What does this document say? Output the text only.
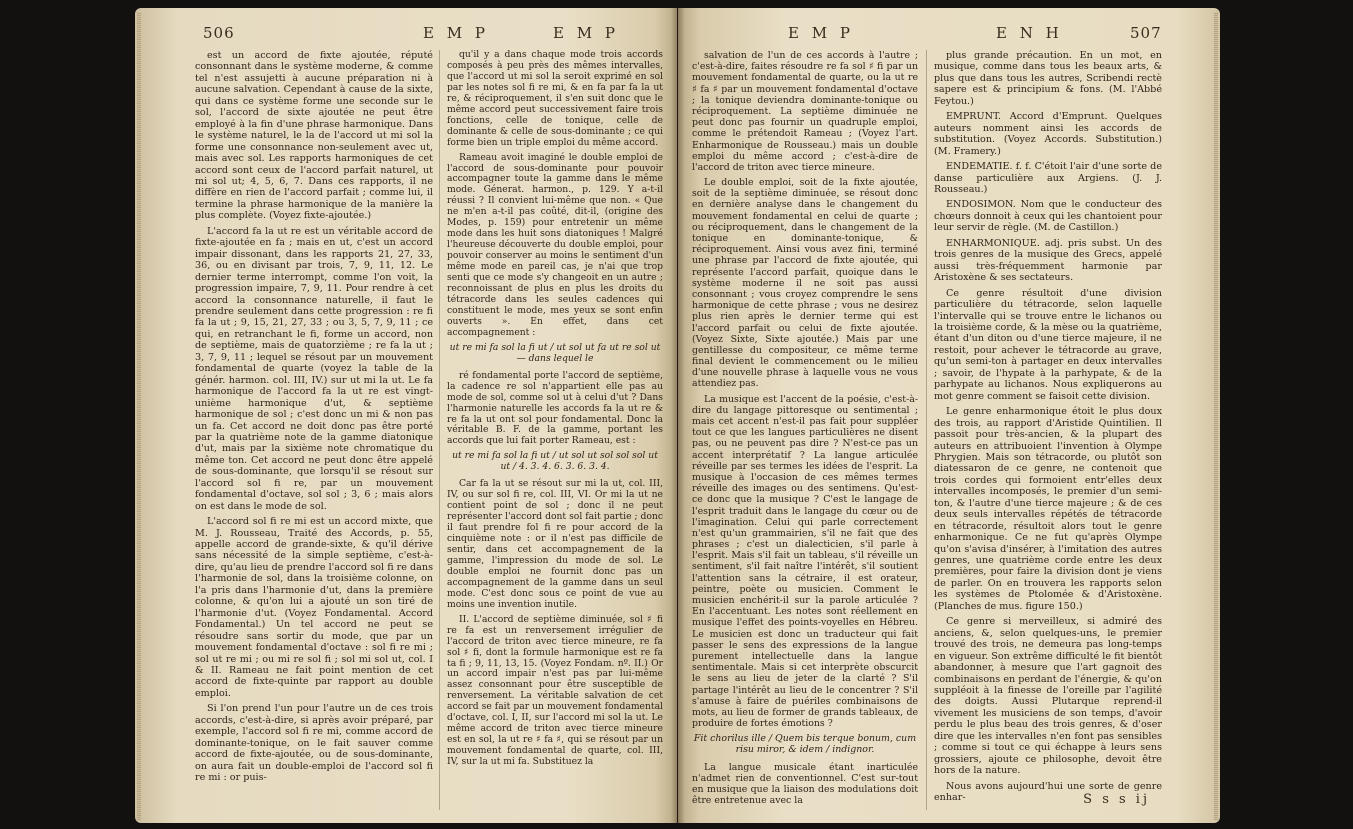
506	E M P	E M P

est un accord de fixte ajoutée, réputé consonnant dans le système moderne, & comme tel n'est assujetti à aucune préparation ni à aucune salvation. Cependant à cause de la sixte, qui dans ce système forme une seconde sur le sol, l'accord de sixte ajoutée ne peut être employé à la fin d'une phrase harmonique. Dans le système naturel, le la de l'accord ut mi sol la forme une consonnance non-seulement avec ut, mais avec sol. Les rapports harmoniques de cet accord sont ceux de l'accord parfait naturel, ut mi sol ut; 4, 5, 6, 7. Dans ces rapports, il ne diffère en rien de l'accord parfait ; comme lui, il termine la phrase harmonique de la manière la plus complète. (Voyez fixte-ajoutée.)

L'accord fa la ut re est un véritable accord de fixte-ajoutée en fa ; mais en ut, c'est un accord impair dissonant, dans les rapports 21, 27, 33, 36, ou en divisant par trois, 7, 9, 11, 12. Le dernier terme interrompt, comme l'on voit, la progression impaire, 7, 9, 11. Pour rendre à cet accord la consonnance naturelle, il faut le prendre seulement dans cette progression : re fi fa la ut ; 9, 15, 21, 27, 33 ; ou 3, 5, 7, 9, 11 ; ce qui, en retranchant le fi, forme un accord, non de septième, mais de quatorzième ; re fa la ut ; 3, 7, 9, 11 ; lequel se résout par un mouvement fondamental de quarte (voyez la table de la génér. harmon. col. III, IV.) sur ut mi la ut. Le fa harmonique de l'accord fa la ut re est vingt-unième harmonique d'ut, & septième harmonique de sol ; c'est donc un mi & non pas un fa. Cet accord ne doit donc pas être porté par la quatrième note de la gamme diatonique d'ut, mais par la sixième note chromatique du même ton. Cet accord ne peut donc être appelé de sous-dominante, que lorsqu'il se résout sur l'accord sol fi re, par un mouvement fondamental d'octave, sol sol ; 3, 6 ; mais alors on est dans le mode de sol.

L'accord sol fi re mi est un accord mixte, que M. J. Rousseau, Traité des Accords, p. 55, appelle accord de grande-sixte, & qu'il dérive sans nécessité de la simple septième, c'est-à-dire, qu'au lieu de prendre l'accord sol fi re dans l'harmonie de sol, dans la troisième colonne, on l'a pris dans l'harmonie d'ut, dans la première colonne, & qu'on lui a ajouté un son tiré de l'harmonie d'ut. (Voyez Fondamental. Accord Fondamental.) Un tel accord ne peut se résoudre sans sortir du mode, que par un mouvement fondamental d'octave : sol fi re mi ; sol ut re mi ; ou mi re sol fi ; sol mi sol ut, col. I & II. Rameau ne fait point mention de cet accord de fixte-quinte par rapport au double emploi.

Si l'on prend l'un pour l'autre un de ces trois accords, c'est-à-dire, si après avoir préparé, par exemple, l'accord sol fi re mi, comme accord de dominante-tonique, on le fait sauver comme accord de fixte-ajoutée, ou de sous-dominante, on aura fait un double-emploi de l'accord sol fi re mi : or puis-

qu'il y a dans chaque mode trois accords composés à peu près des mêmes intervalles, que l'accord ut mi sol la seroit exprimé en sol par les notes sol fi re mi, & en fa par fa la ut re, & réciproquement, il s'en suit donc que le même accord peut successivement faire trois fonctions, celle de tonique, celle de dominante & celle de sous-dominante ; ce qui forme bien un triple emploi du même accord.

Rameau avoit imaginé le double emploi de l'accord de sous-dominante pour pouvoir accompagner toute la gamme dans le même mode. Génerat. harmon., p. 129. Y a-t-il réussi ? Il convient lui-même que non. « Que ne m'en a-t-il pas coûté, dit-il, (origine des Modes, p. 159) pour entretenir un même mode dans les huit sons diatoniques ! Malgré l'heureuse découverte du double emploi, pour pouvoir conserver au moins le sentiment d'un même mode en pareil cas, je n'ai que trop senti que ce mode s'y changeoit en un autre ; reconnoissant de plus en plus les droits du tétracorde dans les seules cadences qui constituent le mode, mes yeux se sont enfin ouverts ». En effet, dans cet accompagnement :

ut re mi fa sol la fi ut / ut sol ut fa ut re sol ut — dans lequel le

ré fondamental porte l'accord de septième, la cadence re sol n'appartient elle pas au mode de sol, comme sol ut à celui d'ut ? Dans l'harmonie naturelle les accords fa la ut re & re fa la ut ont sol pour fondamental. Donc la véritable B. F. de la gamme, portant les accords que lui fait porter Rameau, est :

ut re mi fa sol la fi ut / ut sol ut sol sol sol ut ut / 4. 3. 4. 6. 3. 6. 3. 4.

Car fa la ut se résout sur mi la ut, col. III, IV, ou sur sol fi re, col. III, VI. Or mi la ut ne contient point de sol ; donc il ne peut représenter l'accord dont sol fait partie ; donc il faut prendre fol fi re pour accord de la cinquième note : or il n'est pas difficile de sentir, dans cet accompagnement de la gamme, l'impression du mode de sol. Le double emploi ne fournit donc pas un accompagnement de la gamme dans un seul mode. C'est donc sous ce point de vue au moins une invention inutile.

II. L'accord de septième diminuée, sol ♯ fi re fa est un renversement irrégulier de l'accord de triton avec tierce mineure, re fa sol ♯ fi, dont la formule harmonique est re fa ta fi ; 9, 11, 13, 15. (Voyez Fondam. nº. II.) Or un accord impair n'est pas par lui-même assez consonnant pour être susceptible de renversement. La véritable salvation de cet accord se fait par un mouvement fondamental d'octave, col. I, II, sur l'accord mi sol la ut. Le même accord de triton avec tierce mineure est en sol, la ut re ♯ fa ♯, qui se résout par un mouvement fondamental de quarte, col. III, IV, sur la ut mi fa. Substituez la

E M P	E N H	507

salvation de l'un de ces accords à l'autre ; c'est-à-dire, faites résoudre re fa sol ♯ fi par un mouvement fondamental de quarte, ou la ut re ♯ fa ♯ par un mouvement fondamental d'octave ; la tonique deviendra dominante-tonique ou réciproquement. La septième diminuée ne peut donc pas fournir un quadruple emploi, comme le prétendoit Rameau ; (Voyez l'art. Enharmonique de Rousseau.) mais un double emploi du même accord ; c'est-à-dire de l'accord de triton avec tierce mineure.

Le double emploi, soit de la fixte ajoutée, soit de la septième diminuée, se résout donc en dernière analyse dans le changement du mouvement fondamental en celui de quarte ; ou réciproquement, dans le changement de la tonique en dominante-tonique, & réciproquement. Ainsi vous avez fini, terminé une phrase par l'accord de fixte ajoutée, qui représente l'accord parfait, quoique dans le système moderne il ne soit pas aussi consonnant ; vous croyez comprendre le sens harmonique de cette phrase ; vous ne desirez plus rien après le dernier terme qui est l'accord parfait ou celui de fixte ajoutée. (Voyez Sixte, Sixte ajoutée.) Mais par une gentillesse du compositeur, ce même terme final devient le commencement ou le milieu d'une nouvelle phrase à laquelle vous ne vous attendiez pas.

La musique est l'accent de la poésie, c'est-à-dire du langage pittoresque ou sentimental ; mais cet accent n'est-il pas fait pour suppléer tout ce que les langues particulières ne disent pas, ou ne peuvent pas dire ? N'est-ce pas un accent interprétatif ? La langue articulée réveille par ses termes les idées de l'esprit. La musique à l'occasion de ces mêmes termes réveille des images ou des sentimens. Qu'est-ce donc que la musique ? C'est le langage de l'esprit traduit dans le langage du cœur ou de l'imagination. Celui qui parle correctement n'est qu'un grammairien, s'il ne fait que des phrases ; c'est un dialecticien, s'il parle à l'esprit. Mais s'il fait un tableau, s'il réveille un sentiment, s'il fait naître l'intérêt, s'il soutient l'attention sans la cétraire, il est orateur, peintre, poète ou musicien. Comment le musicien enchérit-il sur la parole articulée ? En l'accentuant. Les notes sont réellement en musique l'effet des points-voyelles en Hébreu. Le musicien est donc un traducteur qui fait passer le sens des expressions de la langue purement intellectuelle dans la langue sentimentale. Mais si cet interprète obscurcit le sens au lieu de jeter de la clarté ? S'il partage l'intérêt au lieu de le concentrer ? S'il s'amuse à faire de puériles combinaisons de mots, au lieu de former de grands tableaux, de produire de fortes émotions ?

Fit chorilus ille / Quem bis terque bonum, cum risu miror, & idem / indignor.

La langue musicale étant inarticulée n'admet rien de conventionnel. C'est sur-tout en musique que la liaison des modulations doit être entretenue avec la

plus grande précaution. En un mot, en musique, comme dans tous les beaux arts, & plus que dans tous les autres, Scribendi rectè sapere est & principium & fons. (M. l'Abbé Feytou.)

EMPRUNT. Accord d'Emprunt. Quelques auteurs nomment ainsi les accords de substitution. (Voyez Accords. Substitution.) (M. Framery.)

ENDEMATIE. f. f. C'étoit l'air d'une sorte de danse particulière aux Argiens. (J. J. Rousseau.)

ENDOSIMON. Nom que le conducteur des chœurs donnoit à ceux qui les chantoient pour leur servir de règle. (M. de Castillon.)

ENHARMONIQUE. adj. pris subst. Un des trois genres de la musique des Grecs, appelé aussi très-fréquemment harmonie par Aristoxène & ses sectateurs.

Ce genre résultoit d'une division particulière du tétracorde, selon laquelle l'intervalle qui se trouve entre le lichanos ou la troisième corde, & la mèse ou la quatrième, étant d'un diton ou d'une tierce majeure, il ne restoit, pour achever le tétracorde au grave, qu'un semi-ton à partager en deux intervalles ; savoir, de l'hypate à la parhypate, & de la parhypate au lichanos. Nous expliquerons au mot genre comment se faisoit cette division.

Le genre enharmonique étoit le plus doux des trois, au rapport d'Aristide Quintilien. Il passoit pour très-ancien, & la plupart des auteurs en attribuoient l'invention à Olympe Phrygien. Mais son tétracorde, ou plutôt son diatessaron de ce genre, ne contenoit que trois cordes qui formoient entr'elles deux intervalles incomposés, le premier d'un semi-ton, & l'autre d'une tierce majeure ; & de ces deux seuls intervalles répétés de tétracorde en tétracorde, résultoit alors tout le genre enharmonique. Ce ne fut qu'après Olympe qu'on s'avisa d'insérer, à l'imitation des autres genres, une quatrième corde entre les deux premières, pour faire la division dont je viens de parler. On en trouvera les rapports selon les systèmes de Ptolomée & d'Aristoxène. (Planches de mus. figure 150.)

Ce genre si merveilleux, si admiré des anciens, &, selon quelques-uns, le premier trouvé des trois, ne demeura pas long-temps en vigueur. Son extrême difficulté le fit bientôt abandonner, à mesure que l'art gagnoit des combinaisons en perdant de l'énergie, & qu'on suppléoit à la finesse de l'oreille par l'agilité des doigts. Aussi Plutarque reprend-il vivement les musiciens de son temps, d'avoir perdu le plus beau des trois genres, & d'oser dire que les intervalles n'en font pas sensibles ; comme si tout ce qui échappe à leurs sens grossiers, ajoute ce philosophe, devoit être hors de la nature.

Nous avons aujourd'hui une sorte de genre enhar-	S s s ij
